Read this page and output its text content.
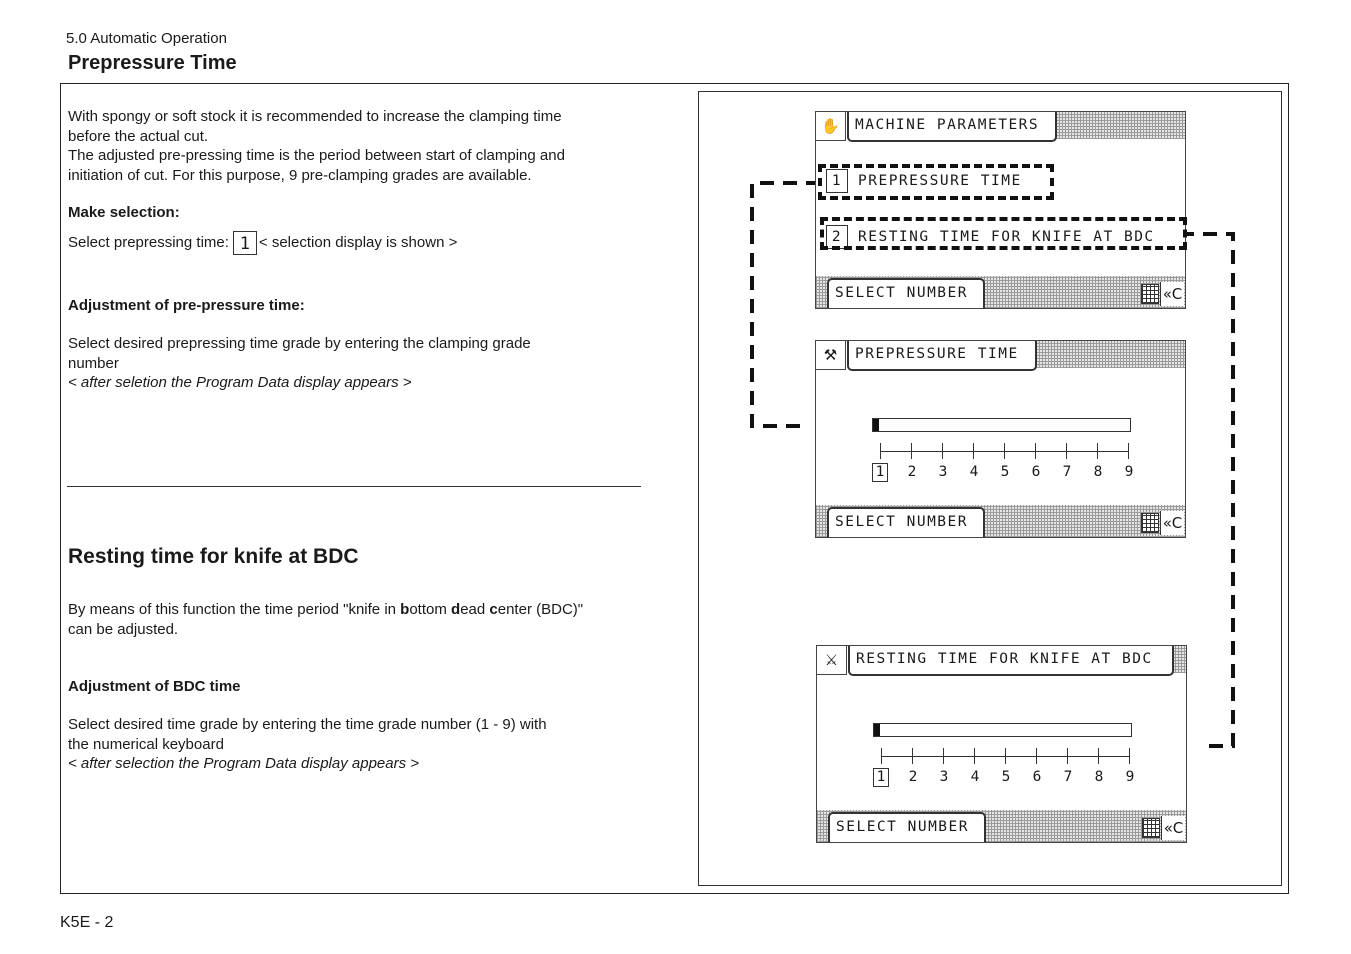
5.0 Automatic Operation
Prepressure Time
With spongy or soft stock it is recommended to increase the clamping time
before the actual cut.
The adjusted pre-pressing time is the period between start of clamping and
initiation of cut. For this purpose, 9 pre-clamping grades are available.
Make selection:
Select prepressing time: 1 < selection display is shown >
Adjustment of pre-pressure time:
Select desired prepressing time grade by entering the clamping grade
number
< after seletion the Program Data display appears >
Resting time for knife at BDC
By means of this function the time period "knife in bottom dead center (BDC)"
can be adjusted.
Adjustment of BDC time
Select desired time grade by entering the time grade number (1 - 9) with
the numerical keyboard
< after selection the Program Data display appears >
✋	MACHINE PARAMETERS
1 PREPRESSURE TIME
2 RESTING TIME FOR KNIFE AT BDC
SELECT NUMBER	«C
⚒	PREPRESSURE TIME
1	2	3	4	5	6	7	8	9
SELECT NUMBER	«C
⚔	RESTING TIME FOR KNIFE AT BDC
1	2	3	4	5	6	7	8	9
SELECT NUMBER	«C
K5E - 2
